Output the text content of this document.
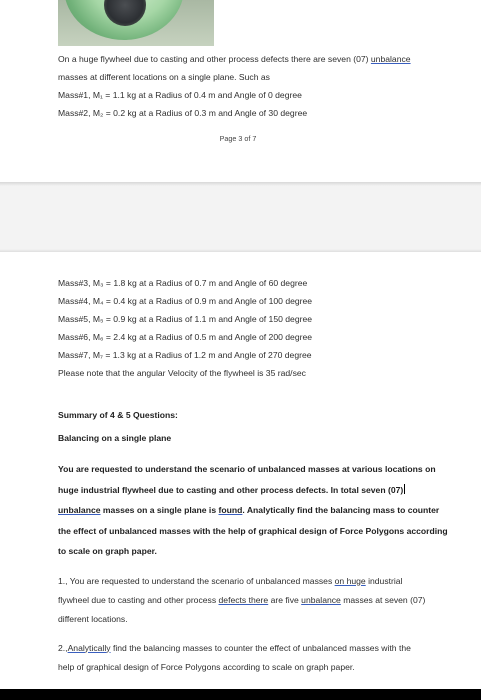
On a huge flywheel due to casting and other process defects there are seven (07) unbalance
masses at different locations on a single plane. Such as
Mass#1, M₁ = 1.1 kg at a Radius of 0.4 m and Angle of 0 degree
Mass#2, M₂ = 0.2 kg at a Radius of 0.3 m and Angle of 30 degree
Page 3 of 7
Mass#3, M₃ = 1.8 kg at a Radius of 0.7 m and Angle of 60 degree
Mass#4, M₄ = 0.4 kg at a Radius of 0.9 m and Angle of 100 degree
Mass#5, M₅ = 0.9 kg at a Radius of 1.1 m and Angle of 150 degree
Mass#6, M₆ = 2.4 kg at a Radius of 0.5 m and Angle of 200 degree
Mass#7, M₇ = 1.3 kg at a Radius of 1.2 m and Angle of 270 degree
Please note that the angular Velocity of the flywheel is 35 rad/sec
Summary of 4 & 5 Questions:
Balancing on a single plane
You are requested to understand the scenario of unbalanced masses at various locations on
huge industrial flywheel due to casting and other process defects. In total seven (07)
unbalance masses on a single plane is found. Analytically find the balancing mass to counter
the effect of unbalanced masses with the help of graphical design of Force Polygons according
to scale on graph paper.
1., You are requested to understand the scenario of unbalanced masses on huge industrial
flywheel due to casting and other process defects there are five unbalance masses at seven (07)
different locations.
2.,Analytically find the balancing masses to counter the effect of unbalanced masses with the
help of graphical design of Force Polygons according to scale on graph paper.
